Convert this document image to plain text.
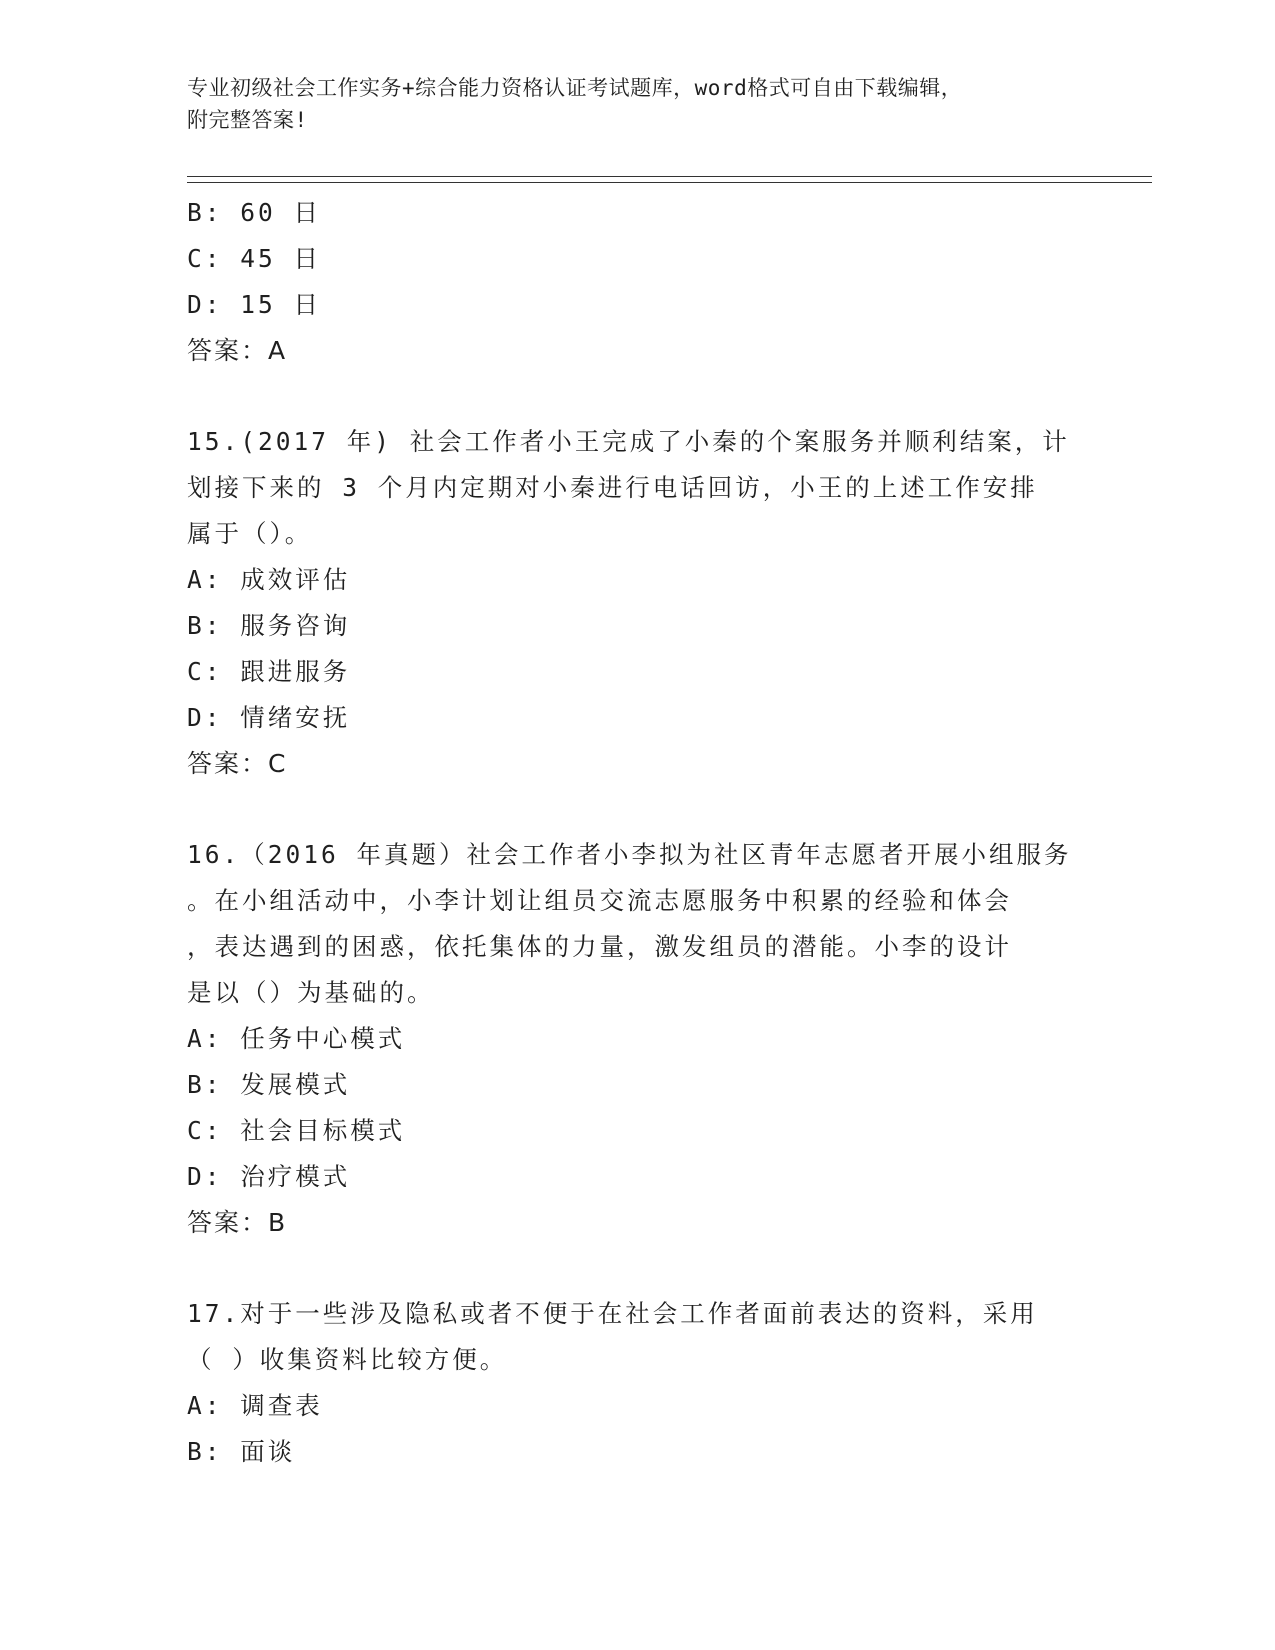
专业初级社会工作实务+综合能力资格认证考试题库，word格式可自由下载编辑，
附完整答案!
B: 60 日
C: 45 日
D: 15 日
答案：A
15.(2017 年) 社会工作者小王完成了小秦的个案服务并顺利结案，计
划接下来的 3 个月内定期对小秦进行电话回访，小王的上述工作安排
属于（）。
A: 成效评估
B: 服务咨询
C: 跟进服务
D: 情绪安抚
答案：C
16.（2016 年真题）社会工作者小李拟为社区青年志愿者开展小组服务
。在小组活动中，小李计划让组员交流志愿服务中积累的经验和体会
，表达遇到的困惑，依托集体的力量，激发组员的潜能。小李的设计
是以（）为基础的。
A: 任务中心模式
B: 发展模式
C: 社会目标模式
D: 治疗模式
答案：B
17.对于一些涉及隐私或者不便于在社会工作者面前表达的资料，采用
（ ）收集资料比较方便。
A: 调查表
B: 面谈
